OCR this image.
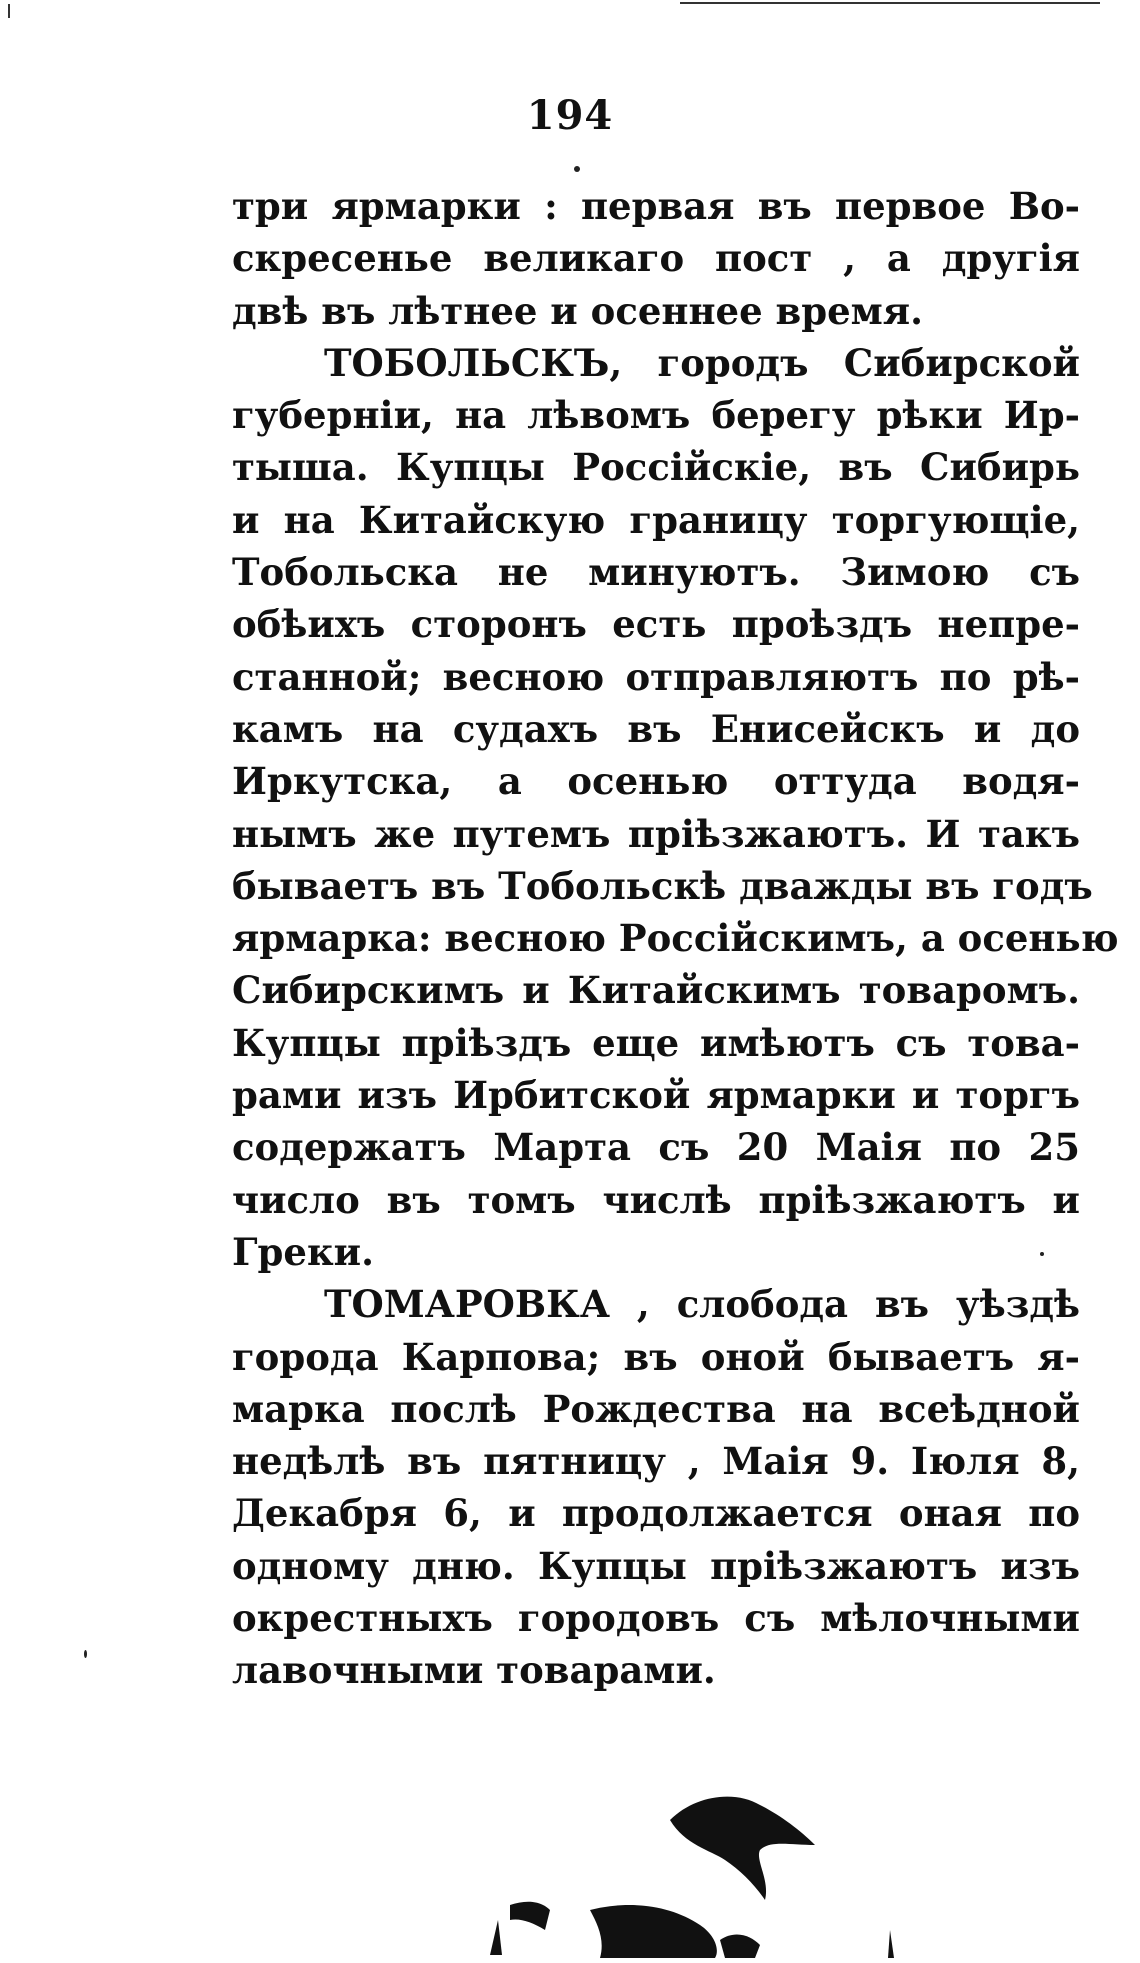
194
три ярмарки : первая въ первое Во-
скресенье великаго пост , а другія
двѣ въ лѣтнее и осеннее время.
ТОБОЛЬСКЪ, городъ Сибирской
губерніи, на лѣвомъ берегу рѣки Ир-
тыша. Купцы Россійскіе, въ Сибирь
и на Китайскую границу торгующіе,
Тобольска не минуютъ. Зимою съ
обѣихъ сторонъ есть проѣздъ непре-
станной; весною отправляютъ по рѣ-
камъ на судахъ въ Енисейскъ и до
Иркутска, а осенью оттуда водя-
нымъ же путемъ пріѣзжаютъ. И такъ
бываетъ въ Тобольскѣ дважды въ годъ
ярмарка: весною Россійскимъ, а осенью
Сибирскимъ и Китайскимъ товаромъ.
Купцы пріѣздъ еще имѣютъ съ това-
рами изъ Ирбитской ярмарки и торгъ
содержатъ Марта съ 20 Маія по 25
число въ томъ числѣ пріѣзжаютъ и
Греки.
ТОМАРОВКА , слобода въ уѣздѣ
города Карпова; въ оной бываетъ я-
марка послѣ Рождества на всеѣдной
недѣлѣ въ пятницу , Маія 9. Іюля 8,
Декабря 6, и продолжается оная по
одному дню. Купцы пріѣзжаютъ изъ
окрестныхъ городовъ съ мѣлочными
лавочными товарами.
